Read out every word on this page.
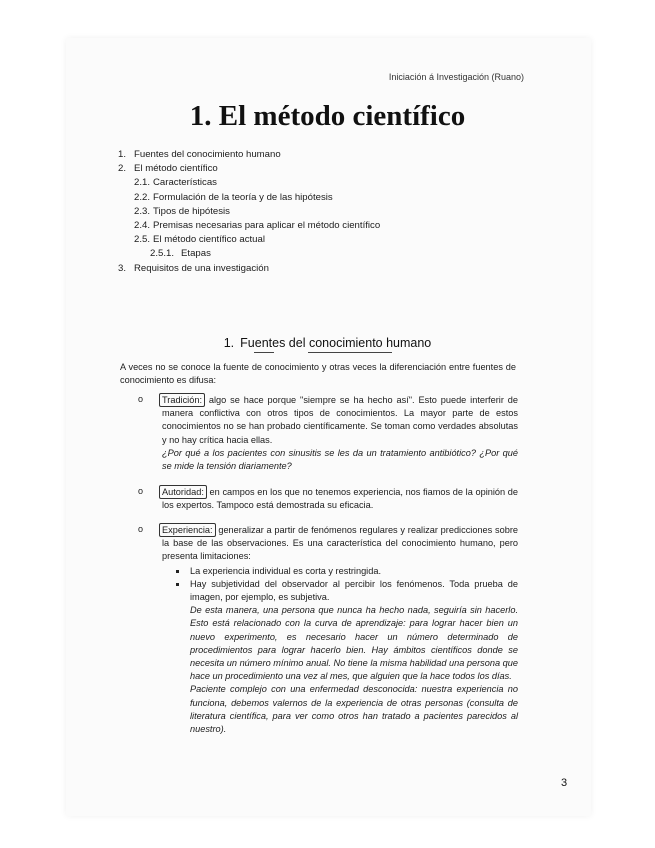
Iniciación á Investigación (Ruano)
1. El método científico
1. Fuentes del conocimiento humano
2. El método científico
2.1. Características
2.2. Formulación de la teoría y de las hipótesis
2.3. Tipos de hipótesis
2.4. Premisas necesarias para aplicar el método científico
2.5. El método científico actual
2.5.1. Etapas
3. Requisitos de una investigación
1. Fuentes del conocimiento humano
A veces no se conoce la fuente de conocimiento y otras veces la diferenciación entre fuentes de conocimiento es difusa:
o Tradición: algo se hace porque "siempre se ha hecho así". Esto puede interferir de manera conflictiva con otros tipos de conocimientos. La mayor parte de estos conocimientos no se han probado científicamente. Se toman como verdades absolutas y no hay crítica hacia ellas.
¿Por qué a los pacientes con sinusitis se les da un tratamiento antibiótico? ¿Por qué se mide la tensión diariamente?
o Autoridad: en campos en los que no tenemos experiencia, nos fiamos de la opinión de los expertos. Tampoco está demostrada su eficacia.
o Experiencia: generalizar a partir de fenómenos regulares y realizar predicciones sobre la base de las observaciones. Es una característica del conocimiento humano, pero presenta limitaciones:
La experiencia individual es corta y restringida.
Hay subjetividad del observador al percibir los fenómenos. Toda prueba de imagen, por ejemplo, es subjetiva.
De esta manera, una persona que nunca ha hecho nada, seguiría sin hacerlo. Esto está relacionado con la curva de aprendizaje: para lograr hacer bien un nuevo experimento, es necesario hacer un número determinado de procedimientos para lograr hacerlo bien. Hay ámbitos científicos donde se necesita un número mínimo anual. No tiene la misma habilidad una persona que hace un procedimiento una vez al mes, que alguien que la hace todos los días.
Paciente complejo con una enfermedad desconocida: nuestra experiencia no funciona, debemos valernos de la experiencia de otras personas (consulta de literatura científica, para ver como otros han tratado a pacientes parecidos al nuestro).
3
